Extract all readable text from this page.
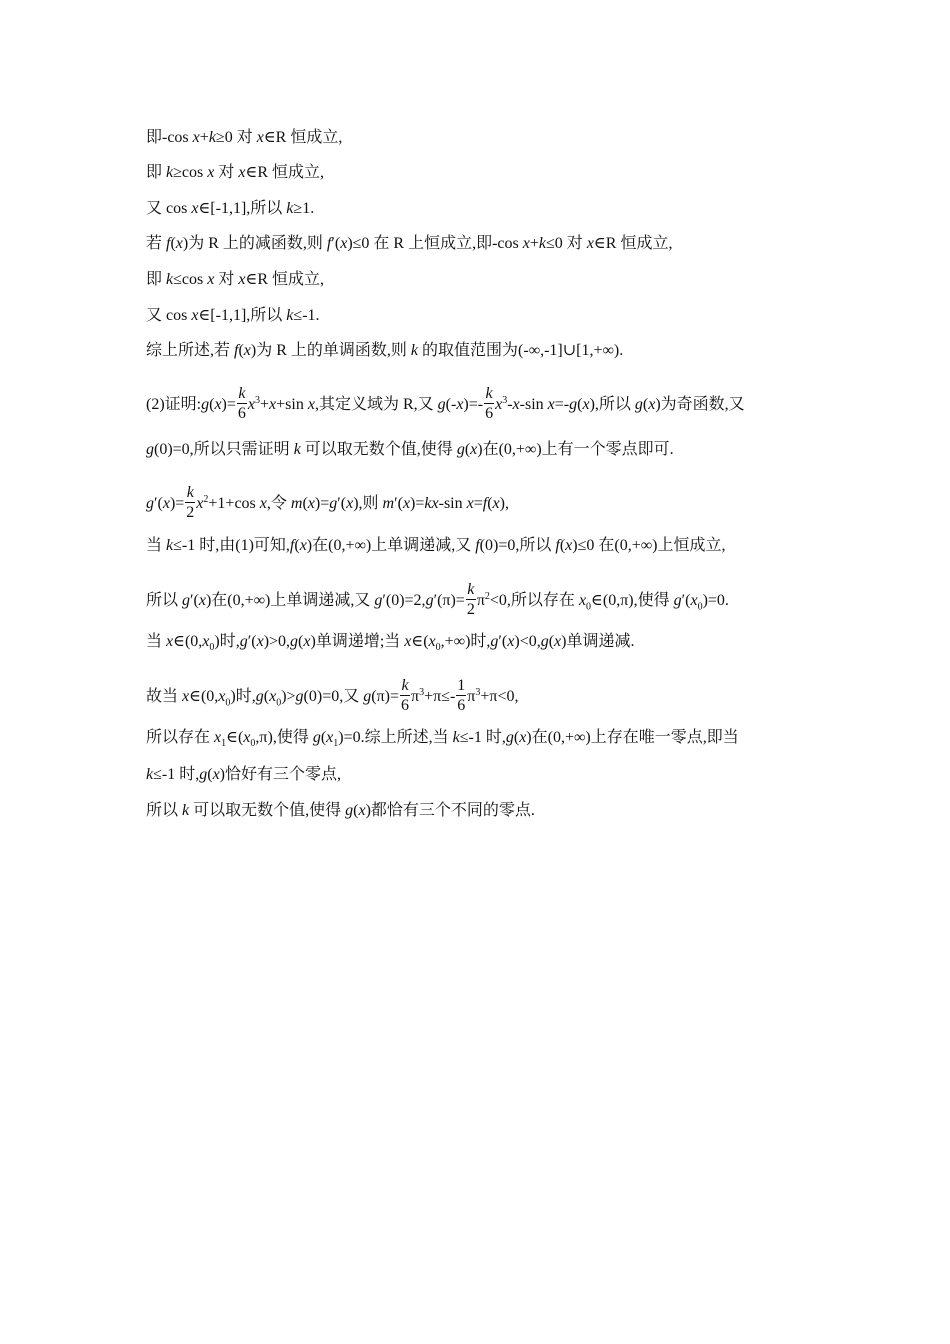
即-cos x+k≥0 对 x∈R 恒成立,
即 k≥cos x 对 x∈R 恒成立,
又 cos x∈[-1,1],所以 k≥1.
若 f(x)为 R 上的减函数,则 f′(x)≤0 在 R 上恒成立,即-cos x+k≤0 对 x∈R 恒成立,
即 k≤cos x 对 x∈R 恒成立,
又 cos x∈[-1,1],所以 k≤-1.
综上所述,若 f(x)为 R 上的单调函数,则 k 的取值范围为(-∞,-1]∪[1,+∞).
(2)证明:g(x)= $\frac{k}{6} x^3+x+\sin$ x,其定义域为 R,又 $g(-x)=- \frac{k}{6} x^3-x-\sin$ x=-g(x),所以 g(x)为奇函数,又
g(0)=0,所以只需证明 k 可以取无数个值,使得 g(x)在(0,+∞)上有一个零点即可.
$g'(x)= \frac{k}{2} x^2+1+\cos$ x,令 m(x)=g′(x),则 m′(x)=kx-sin x=f(x),
当 k≤-1 时,由(1)可知,f(x)在(0,+∞)上单调递减,又 f(0)=0,所以 f(x)≤0 在(0,+∞)上恒成立,
所以 g′(x)在(0,+∞)上单调递减,又 $g'(0)=2,g'(\pi)= \frac{k}{2} \pi^2<0$,所以存在 $x_0\in(0,\pi)$,使得 $g'(x_0)=0$.
当 $x\in(0,x_0)$时,g′(x)>0,g(x)单调递增;当 $x\in(x_0,+\infty)$时,g′(x)<0,g(x)单调递减.
故当 $x\in(0,x_0)$时$,g(x_0)>g(0)=0$,又 $g(\pi)= \frac{k}{6} \pi^3+\pi\le- \frac{1}{6} \pi^3+\pi<0$,
所以存在 $x_1\in(x_0,\pi)$,使得 $g(x_1)=0$.综上所述,当 k≤-1 时,g(x)在(0,+∞)上存在唯一零点,即当
k≤-1 时,g(x)恰好有三个零点,
所以 k 可以取无数个值,使得 g(x)都恰有三个不同的零点.
